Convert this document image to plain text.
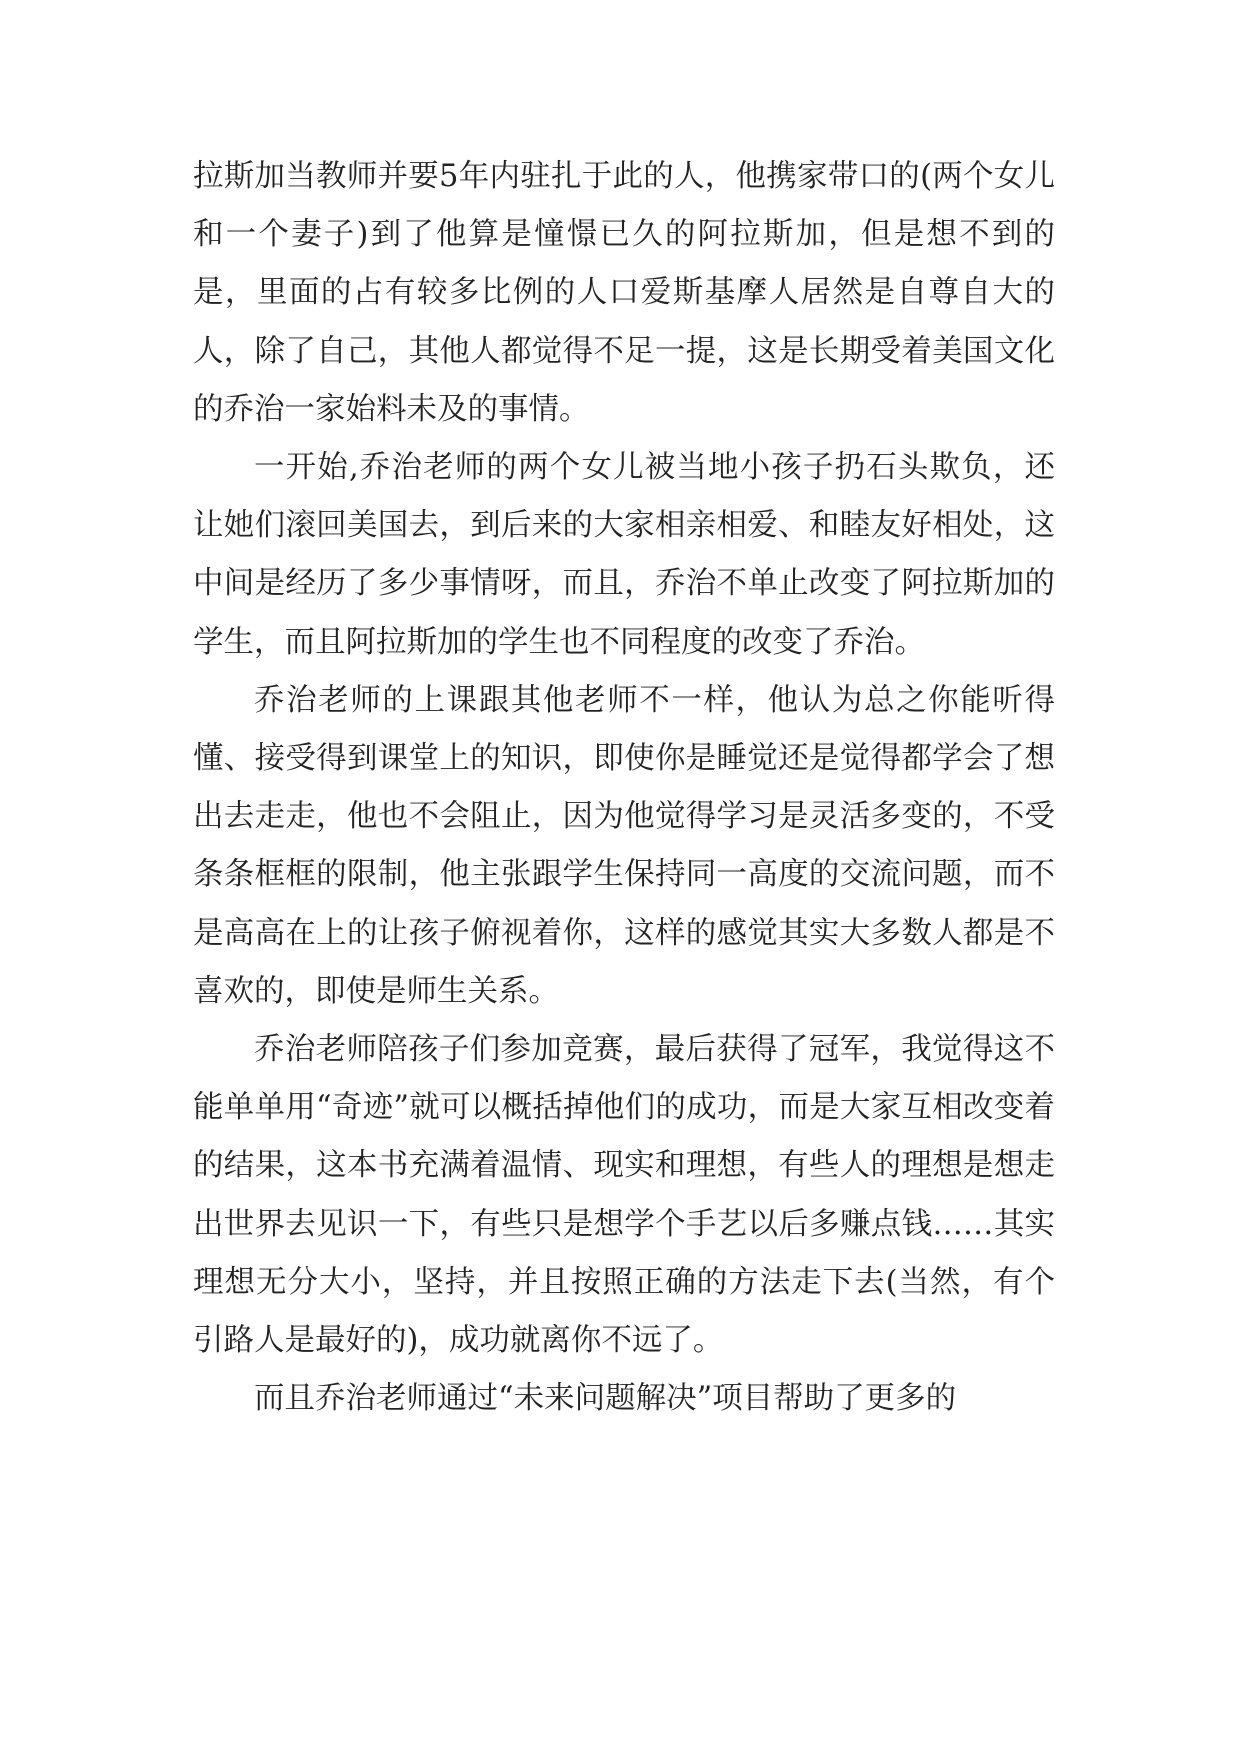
拉斯加当教师并要5年内驻扎于此的人，他携家带口的(两个女儿和一个妻子)到了他算是憧憬已久的阿拉斯加，但是想不到的是，里面的占有较多比例的人口爱斯基摩人居然是自尊自大的人，除了自己，其他人都觉得不足一提，这是长期受着美国文化的乔治一家始料未及的事情。

一开始,乔治老师的两个女儿被当地小孩子扔石头欺负，还让她们滚回美国去，到后来的大家相亲相爱、和睦友好相处，这中间是经历了多少事情呀，而且，乔治不单止改变了阿拉斯加的学生，而且阿拉斯加的学生也不同程度的改变了乔治。

乔治老师的上课跟其他老师不一样，他认为总之你能听得懂、接受得到课堂上的知识，即使你是睡觉还是觉得都学会了想出去走走，他也不会阻止，因为他觉得学习是灵活多变的，不受条条框框的限制，他主张跟学生保持同一高度的交流问题，而不是高高在上的让孩子俯视着你，这样的感觉其实大多数人都是不喜欢的，即使是师生关系。

乔治老师陪孩子们参加竞赛，最后获得了冠军，我觉得这不能单单用“奇迹”就可以概括掉他们的成功，而是大家互相改变着的结果，这本书充满着温情、现实和理想，有些人的理想是想走出世界去见识一下，有些只是想学个手艺以后多赚点钱……其实理想无分大小，坚持，并且按照正确的方法走下去(当然，有个引路人是最好的)，成功就离你不远了。

而且乔治老师通过“未来问题解决”项目帮助了更多的
